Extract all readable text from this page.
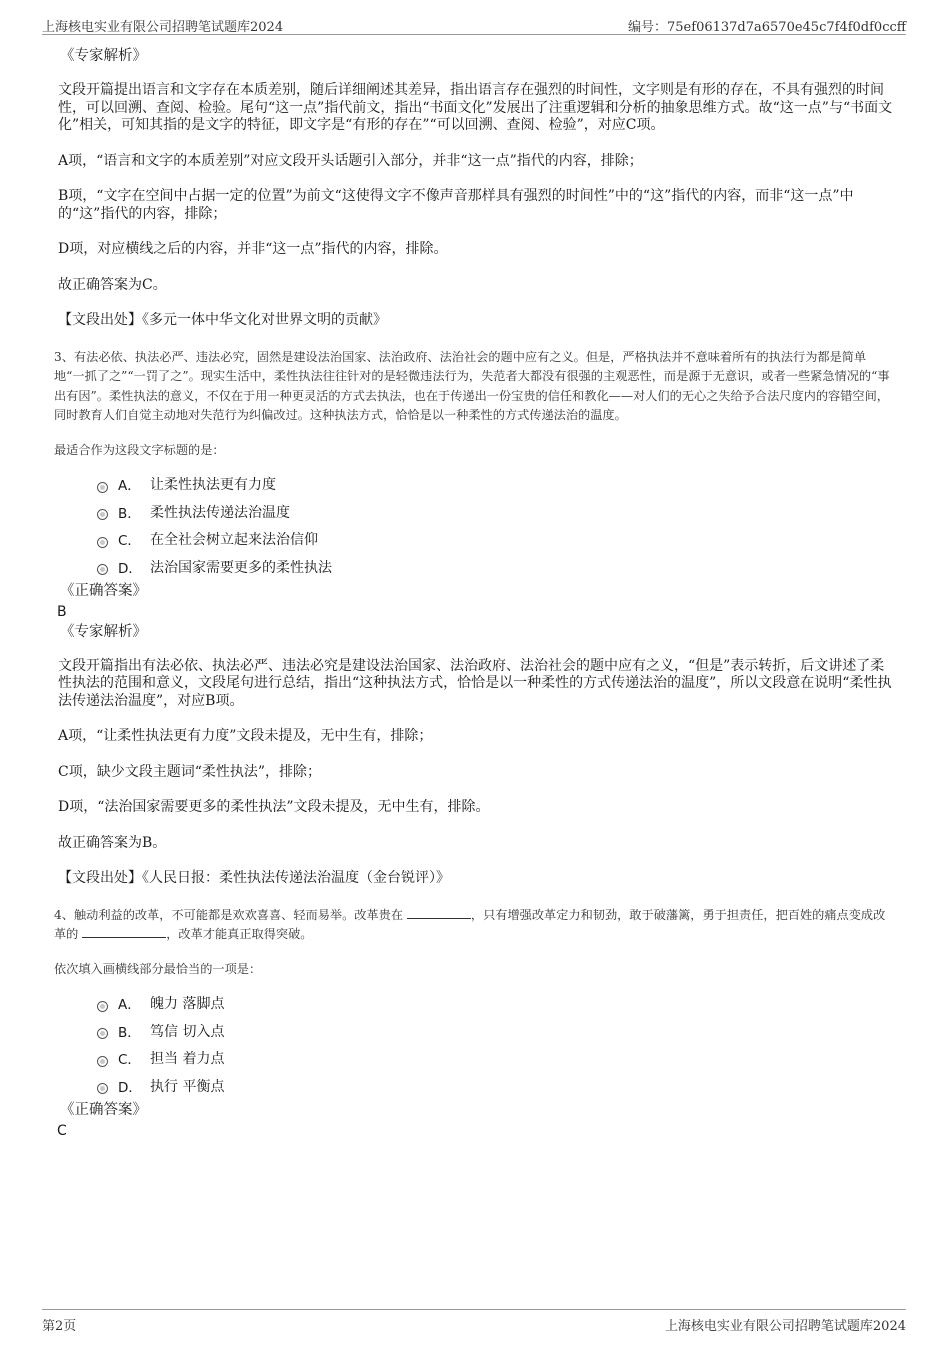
上海核电实业有限公司招聘笔试题库2024	编号：75ef06137d7a6570e45c7f4f0df0ccff
《专家解析》

文段开篇提出语言和文字存在本质差别，随后详细阐述其差异，指出语言存在强烈的时间性，文字则是有形的存在，不具有强烈的时间性，可以回溯、查阅、检验。尾句“这一点”指代前文，指出“书面文化”发展出了注重逻辑和分析的抽象思维方式。故“这一点”与“书面文化”相关，可知其指的是文字的特征，即文字是“有形的存在”“可以回溯、查阅、检验”，对应C项。

A项，“语言和文字的本质差别”对应文段开头话题引入部分，并非“这一点”指代的内容，排除；

B项，“文字在空间中占据一定的位置”为前文“这使得文字不像声音那样具有强烈的时间性”中的“这”指代的内容，而非“这一点”中的“这”指代的内容，排除；

D项，对应横线之后的内容，并非“这一点”指代的内容，排除。

故正确答案为C。

【文段出处】《多元一体中华文化对世界文明的贡献》

3、有法必依、执法必严、违法必究，固然是建设法治国家、法治政府、法治社会的题中应有之义。但是，严格执法并不意味着所有的执法行为都是简单地“一抓了之”“一罚了之”。现实生活中，柔性执法往往针对的是轻微违法行为，失范者大都没有很强的主观恶性，而是源于无意识，或者一些紧急情况的“事出有因”。柔性执法的意义，不仅在于用一种更灵活的方式去执法，也在于传递出一份宝贵的信任和教化——对人们的无心之失给予合法尺度内的容错空间，同时教育人们自觉主动地对失范行为纠偏改过。这种执法方式，恰恰是以一种柔性的方式传递法治的温度。

最适合作为这段文字标题的是：

A． 让柔性执法更有力度
B． 柔性执法传递法治温度
C． 在全社会树立起来法治信仰
D． 法治国家需要更多的柔性执法
《正确答案》
B
《专家解析》

文段开篇指出有法必依、执法必严、违法必究是建设法治国家、法治政府、法治社会的题中应有之义，“但是”表示转折，后文讲述了柔性执法的范围和意义，文段尾句进行总结，指出“这种执法方式，恰恰是以一种柔性的方式传递法治的温度”，所以文段意在说明“柔性执法传递法治温度”，对应B项。

A项，“让柔性执法更有力度”文段未提及，无中生有，排除；

C项，缺少文段主题词“柔性执法”，排除；

D项，“法治国家需要更多的柔性执法”文段未提及，无中生有，排除。

故正确答案为B。

【文段出处】《人民日报：柔性执法传递法治温度（金台锐评）》

4、触动利益的改革，不可能都是欢欢喜喜、轻而易举。改革贵在	，只有增强改革定力和韧劲，敢于破藩篱，勇于担责任，把百姓的痛点变成改革的	，改革才能真正取得突破。

依次填入画横线部分最恰当的一项是：

A． 魄力 落脚点
B． 笃信 切入点
C． 担当 着力点
D． 执行 平衡点
《正确答案》
C
第2页	上海核电实业有限公司招聘笔试题库2024
